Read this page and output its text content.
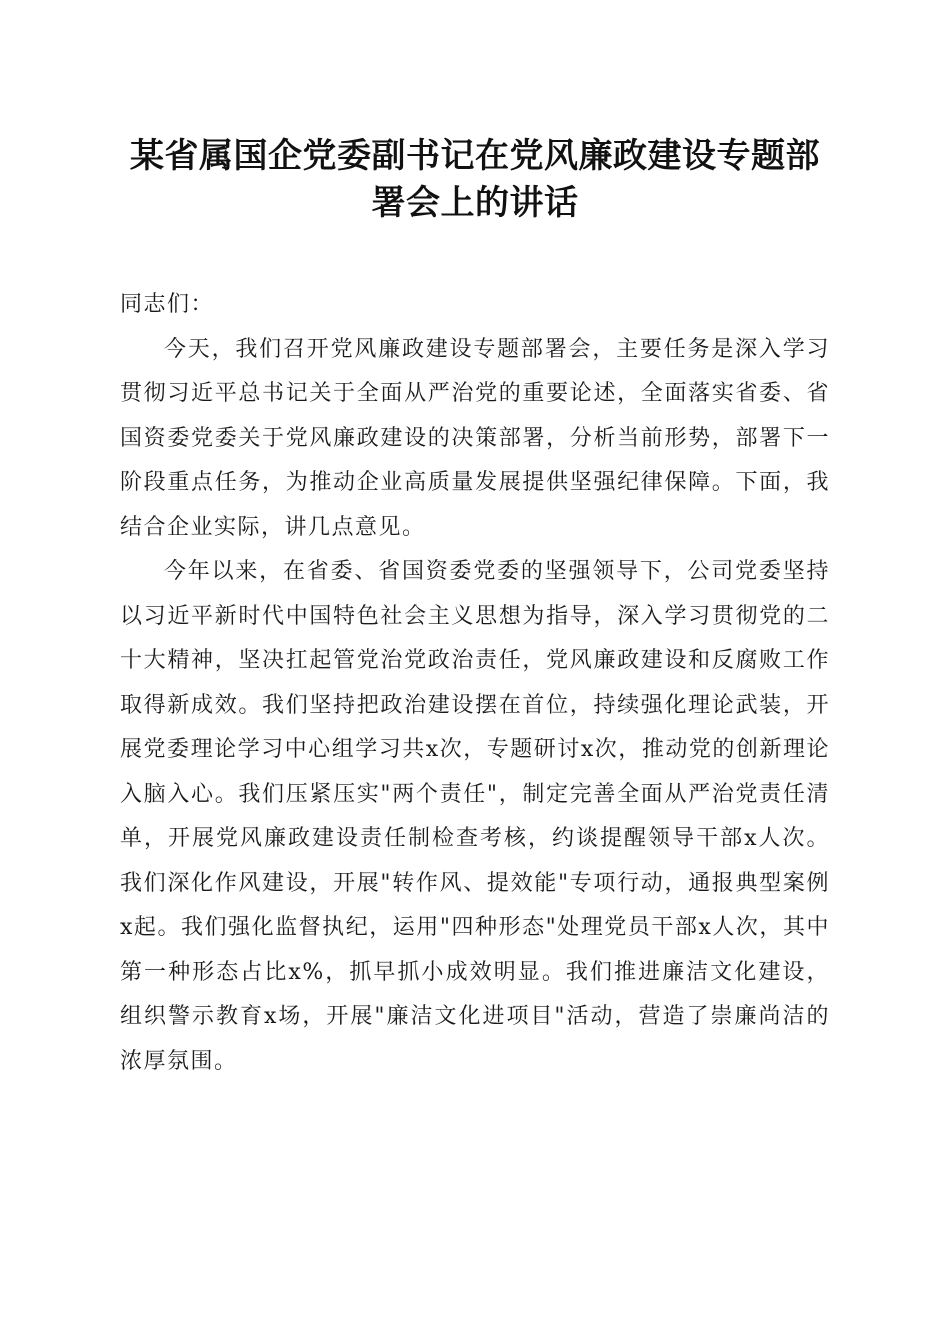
某省属国企党委副书记在党风廉政建设专题部署会上的讲话

同志们：

今天，我们召开党风廉政建设专题部署会，主要任务是深入学习贯彻习近平总书记关于全面从严治党的重要论述，全面落实省委、省国资委党委关于党风廉政建设的决策部署，分析当前形势，部署下一阶段重点任务，为推动企业高质量发展提供坚强纪律保障。下面，我结合企业实际，讲几点意见。

今年以来，在省委、省国资委党委的坚强领导下，公司党委坚持以习近平新时代中国特色社会主义思想为指导，深入学习贯彻党的二十大精神，坚决扛起管党治党政治责任，党风廉政建设和反腐败工作取得新成效。我们坚持把政治建设摆在首位，持续强化理论武装，开展党委理论学习中心组学习共x次，专题研讨x次，推动党的创新理论入脑入心。我们压紧压实"两个责任"，制定完善全面从严治党责任清单，开展党风廉政建设责任制检查考核，约谈提醒领导干部x人次。我们深化作风建设，开展"转作风、提效能"专项行动，通报典型案例x起。我们强化监督执纪，运用"四种形态"处理党员干部x人次，其中第一种形态占比x%，抓早抓小成效明显。我们推进廉洁文化建设，组织警示教育x场，开展"廉洁文化进项目"活动，营造了崇廉尚洁的浓厚氛围。
